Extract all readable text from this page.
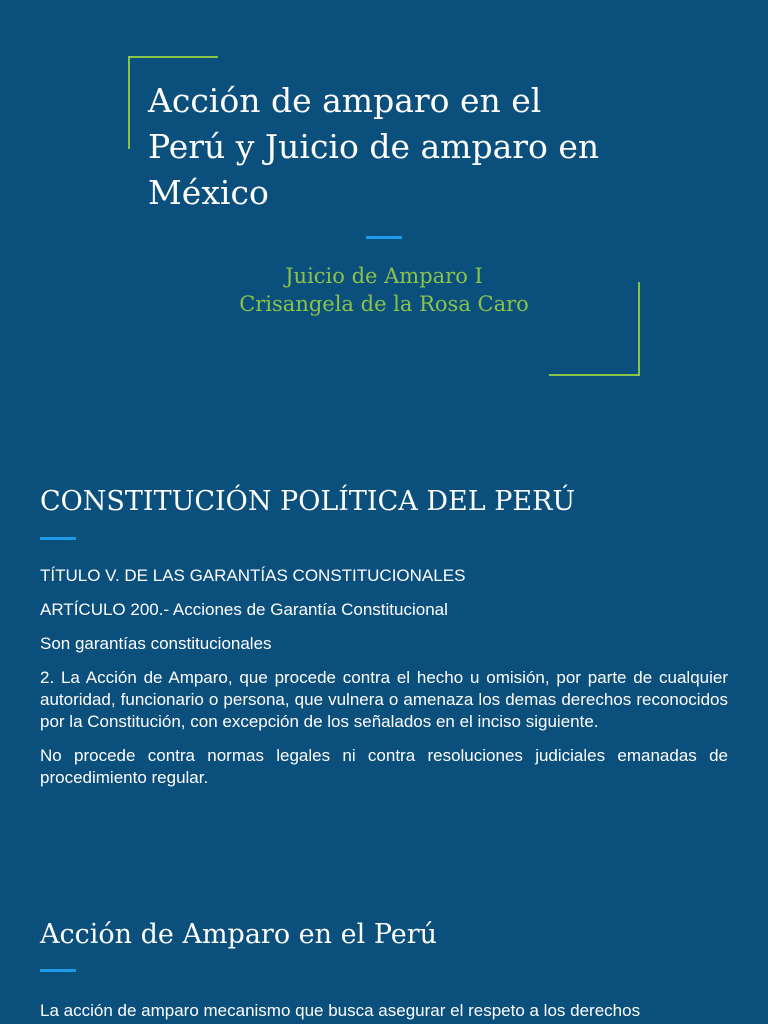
Acción de amparo en el Perú y Juicio de amparo en México
Juicio de Amparo I
Crisangela de la Rosa Caro
CONSTITUCIÓN POLÍTICA DEL PERÚ

TÍTULO V. DE LAS GARANTÍAS CONSTITUCIONALES

ARTÍCULO 200.- Acciones de Garantía Constitucional

Son garantías constitucionales

2. La Acción de Amparo, que procede contra el hecho u omisión, por parte de cualquier autoridad, funcionario o persona, que vulnera o amenaza los demas derechos reconocidos por la Constitución, con excepción de los señalados en el inciso siguiente.

No procede contra normas legales ni contra resoluciones judiciales emanadas de procedimiento regular.

Acción de Amparo en el Perú

La acción de amparo mecanismo que busca asegurar el respeto a los derechos
